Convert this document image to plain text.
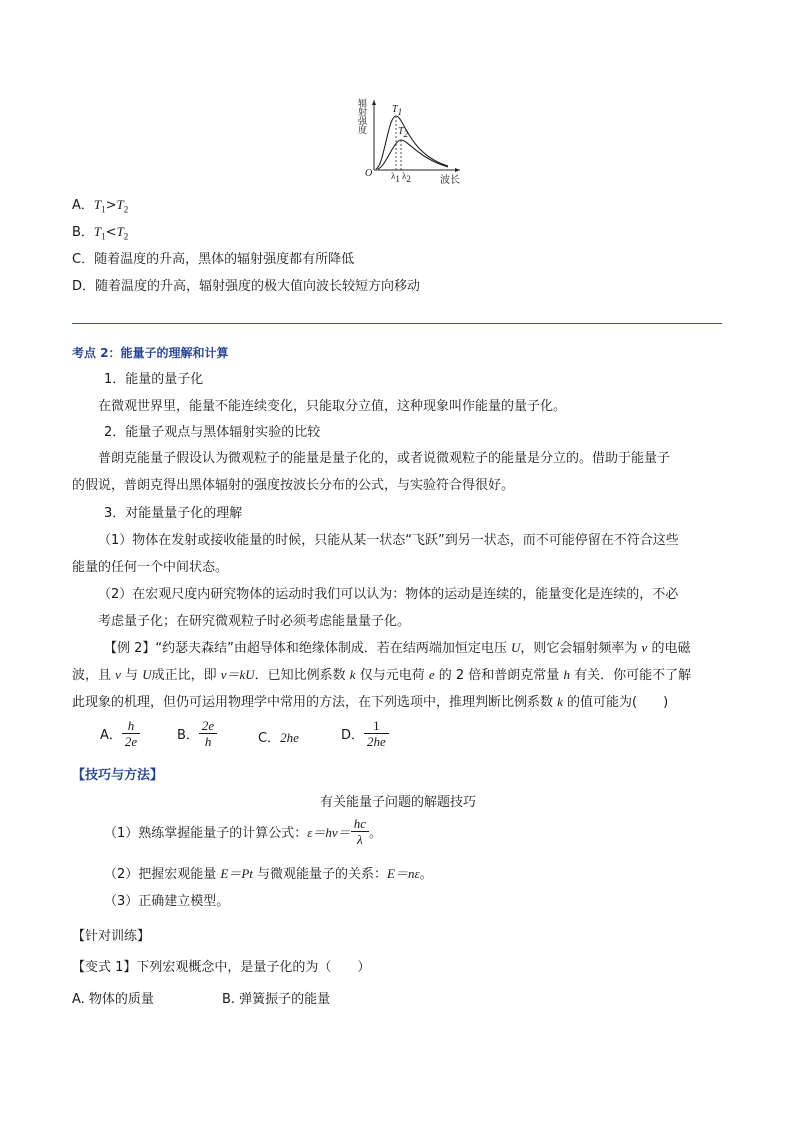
辐射强度	$T_1$
$T_2$
O $\lambda_1$ $\lambda_2$	波长
A．$T_1>T_2$
B．$T_1<T_2$
C．随着温度的升高，黑体的辐射强度都有所降低
D．随着温度的升高，辐射强度的极大值向波长较短方向移动
考点 2：能量子的理解和计算
1．能量的量子化
在微观世界里，能量不能连续变化，只能取分立值，这种现象叫作能量的量子化。
2．能量子观点与黑体辐射实验的比较
普朗克能量子假设认为微观粒子的能量是量子化的，或者说微观粒子的能量是分立的。借助于能量子
的假说，普朗克得出黑体辐射的强度按波长分布的公式，与实验符合得很好。
3．对能量量子化的理解
（1）物体在发射或接收能量的时候，只能从某一状态“飞跃”到另一状态，而不可能停留在不符合这些
能量的任何一个中间状态。
（2）在宏观尺度内研究物体的运动时我们可以认为：物体的运动是连续的，能量变化是连续的，不必
考虑量子化；在研究微观粒子时必须考虑能量量子化。
【例 2】“约瑟夫森结”由超导体和绝缘体制成．若在结两端加恒定电压 U，则它会辐射频率为 ν 的电磁
波，且 ν 与 U成正比，即 ν＝kU．已知比例系数 k 仅与元电荷 e 的 2 倍和普朗克常量 h 有关．你可能不了解
此现象的机理，但仍可运用物理学中常用的方法，在下列选项中，推理判断比例系数 k 的值可能为(　　)
A． $\frac{h}{2e}$	B． $\frac{2e}{h}$	C．2he	D． $\frac{1}{2he}$
【技巧与方法】
有关能量子问题的解题技巧
（1）熟练掌握能量子的计算公式：$\varepsilon=h\nu= \frac{hc}{\lambda}$ 。
（2）把握宏观能量 E＝Pt 与微观能量子的关系：E＝nε。
（3）正确建立模型。
【针对训练】
【变式 1】下列宏观概念中，是量子化的为（　　）
A. 物体的质量	B. 弹簧振子的能量
